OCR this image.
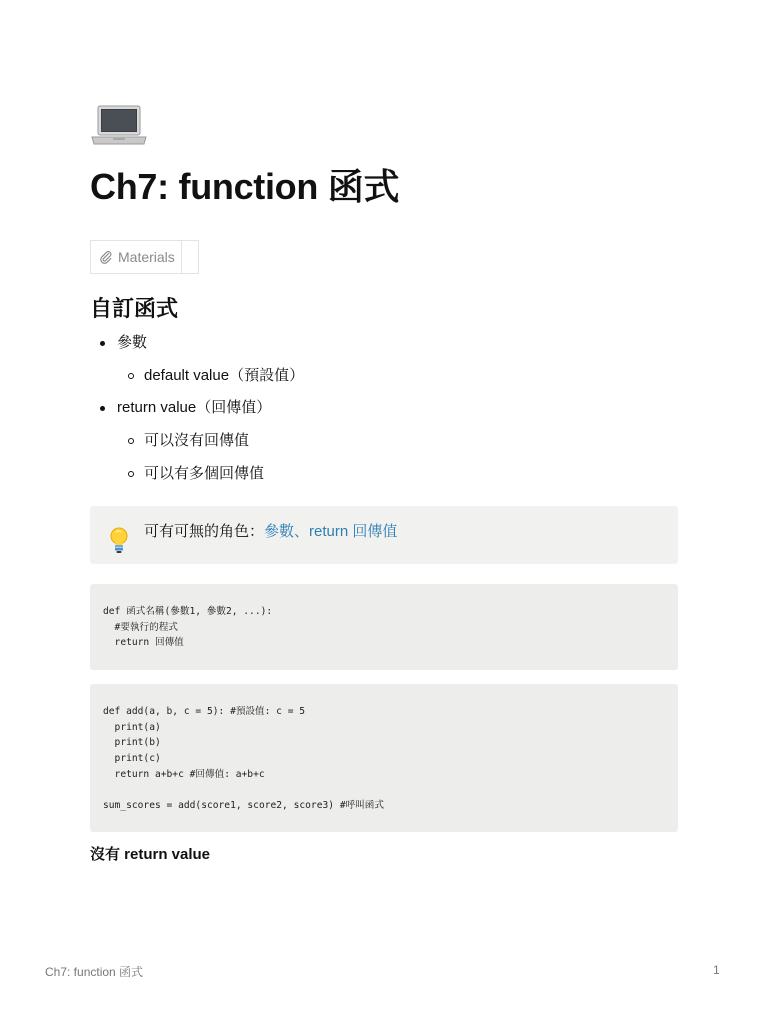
Ch7: function 函式
Materials
自訂函式
參數
default value（預設值）
return value（回傳值）
可以沒有回傳值
可以有多個回傳值
可有可無的角色：參數、return 回傳值
def 函式名稱(參數1, 參數2, ...):
#要執行的程式
return 回傳值
def add(a, b, c = 5): #預設值: c = 5
print(a)
print(b)
print(c)
return a+b+c #回傳值: a+b+c

sum_scores = add(score1, score2, score3) #呼叫函式
沒有 return value
Ch7: function 函式	1
